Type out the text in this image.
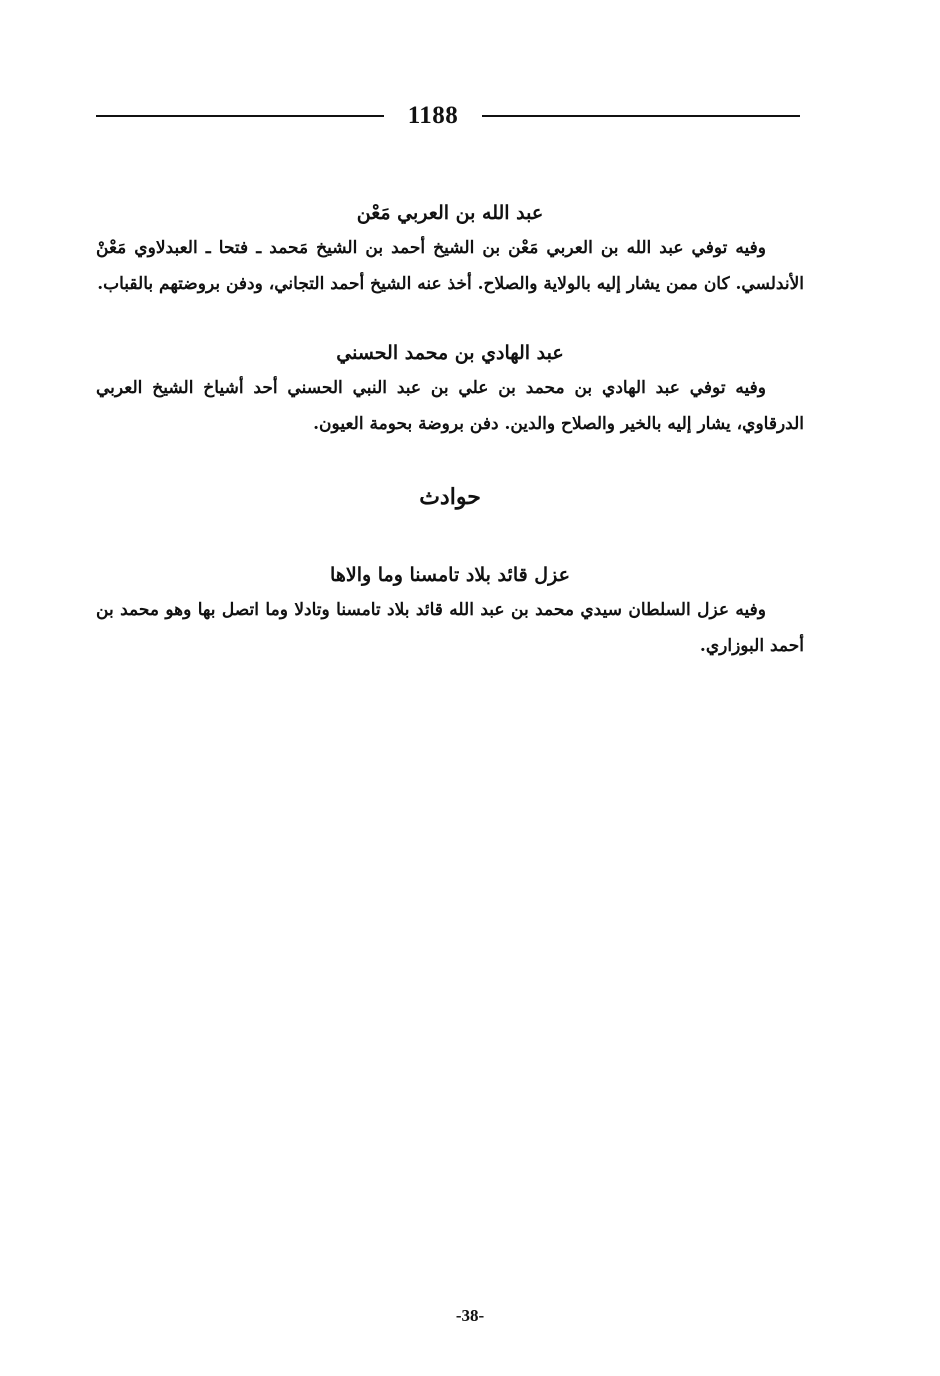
1188

عبد الله بن العربي مَعْن

وفيه توفي عبد الله بن العربي مَعْن بن الشيخ أحمد بن الشيخ مَحمد ـ فتحا ـ العبدلاوي مَعْنْ الأندلسي. كان ممن يشار إليه بالولاية والصلاح. أخذ عنه الشيخ أحمد التجاني، ودفن بروضتهم بالقباب.

عبد الهادي بن محمد الحسني

وفيه توفي عبد الهادي بن محمد بن علي بن عبد النبي الحسني أحد أشياخ الشيخ العربي الدرقاوي، يشار إليه بالخير والصلاح والدين. دفن بروضة بحومة العيون.

حوادث

عزل قائد بلاد تامسنا وما والاها

وفيه عزل السلطان سيدي محمد بن عبد الله قائد بلاد تامسنا وتادلا وما اتصل بها وهو محمد بن أحمد البوزاري.

-38-
